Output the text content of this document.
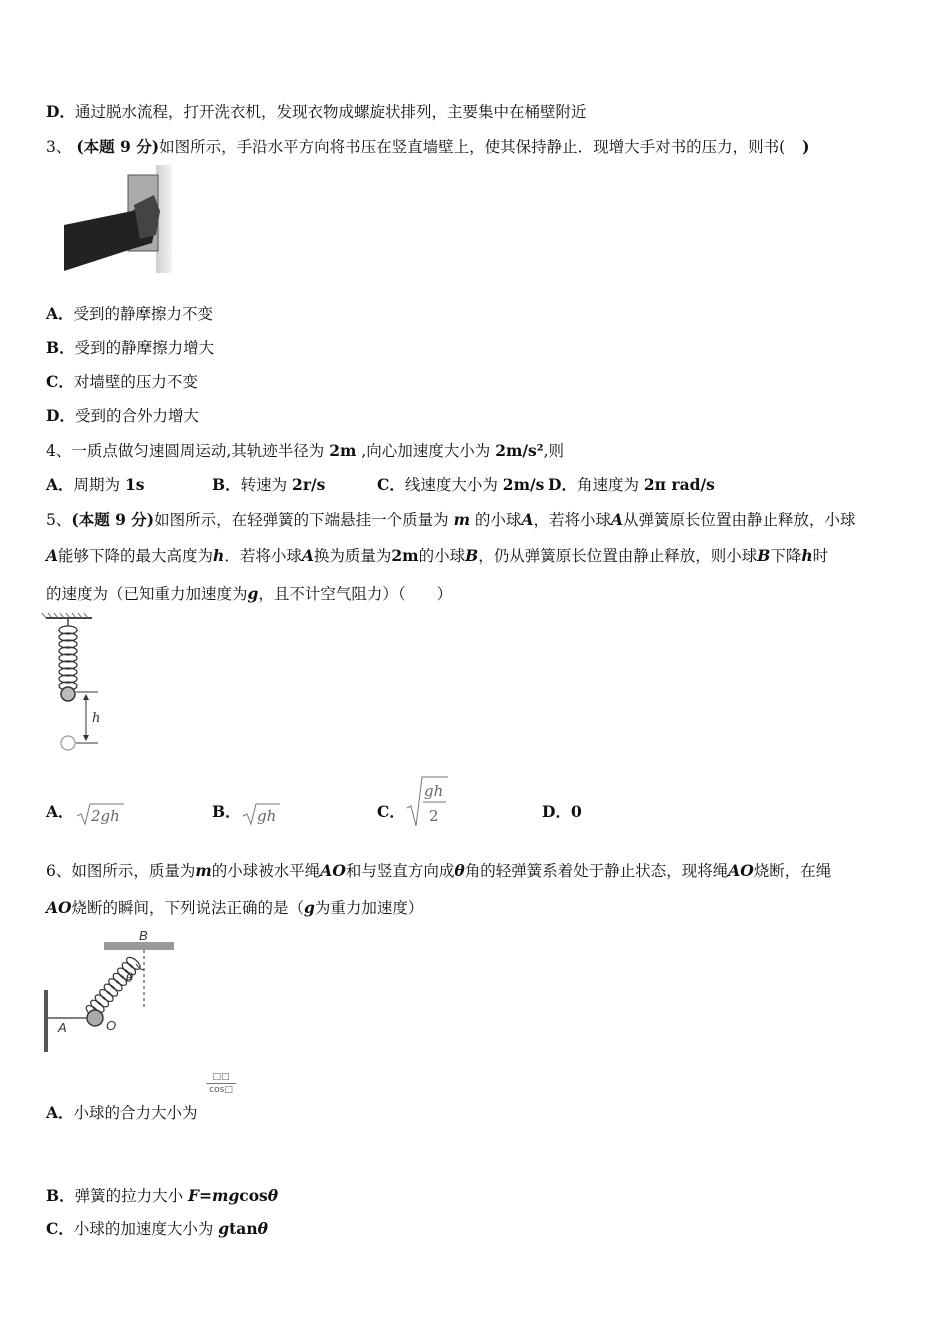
D．通过脱水流程，打开洗衣机，发现衣物成螺旋状排列，主要集中在桶壁附近
3、 (本题 9 分)如图所示，手沿水平方向将书压在竖直墙壁上，使其保持静止．现增大手对书的压力，则书( )
A．受到的静摩擦力不变
B．受到的静摩擦力增大
C．对墙壁的压力不变
D．受到的合外力增大
4、一质点做匀速圆周运动,其轨迹半径为 2m ,向心加速度大小为 2m/s²,则
A．周期为 1s	B．转速为 2r/s	C．线速度大小为 2m/s D．角速度为 2π rad/s
5、(本题 9 分)如图所示，在轻弹簧的下端悬挂一个质量为 m 的小球A，若将小球A从弹簧原长位置由静止释放，小球
A能够下降的最大高度为h．若将小球A换为质量为2m的小球B，仍从弹簧原长位置由静止释放，则小球B下降h时
的速度为（已知重力加速度为g，且不计空气阻力）（　　）
h
A． 2gh	B． gh	C．
gh
2	D．0
6、如图所示，质量为m的小球被水平绳AO和与竖直方向成θ角的轻弹簧系着处于静止状态，现将绳AO烧断，在绳
AO烧断的瞬间，下列说法正确的是（g为重力加速度）
B
A
θ
O
A．小球的合力大小为
□□
cos□
B．弹簧的拉力大小 F=mgcosθ
C．小球的加速度大小为 gtanθ
